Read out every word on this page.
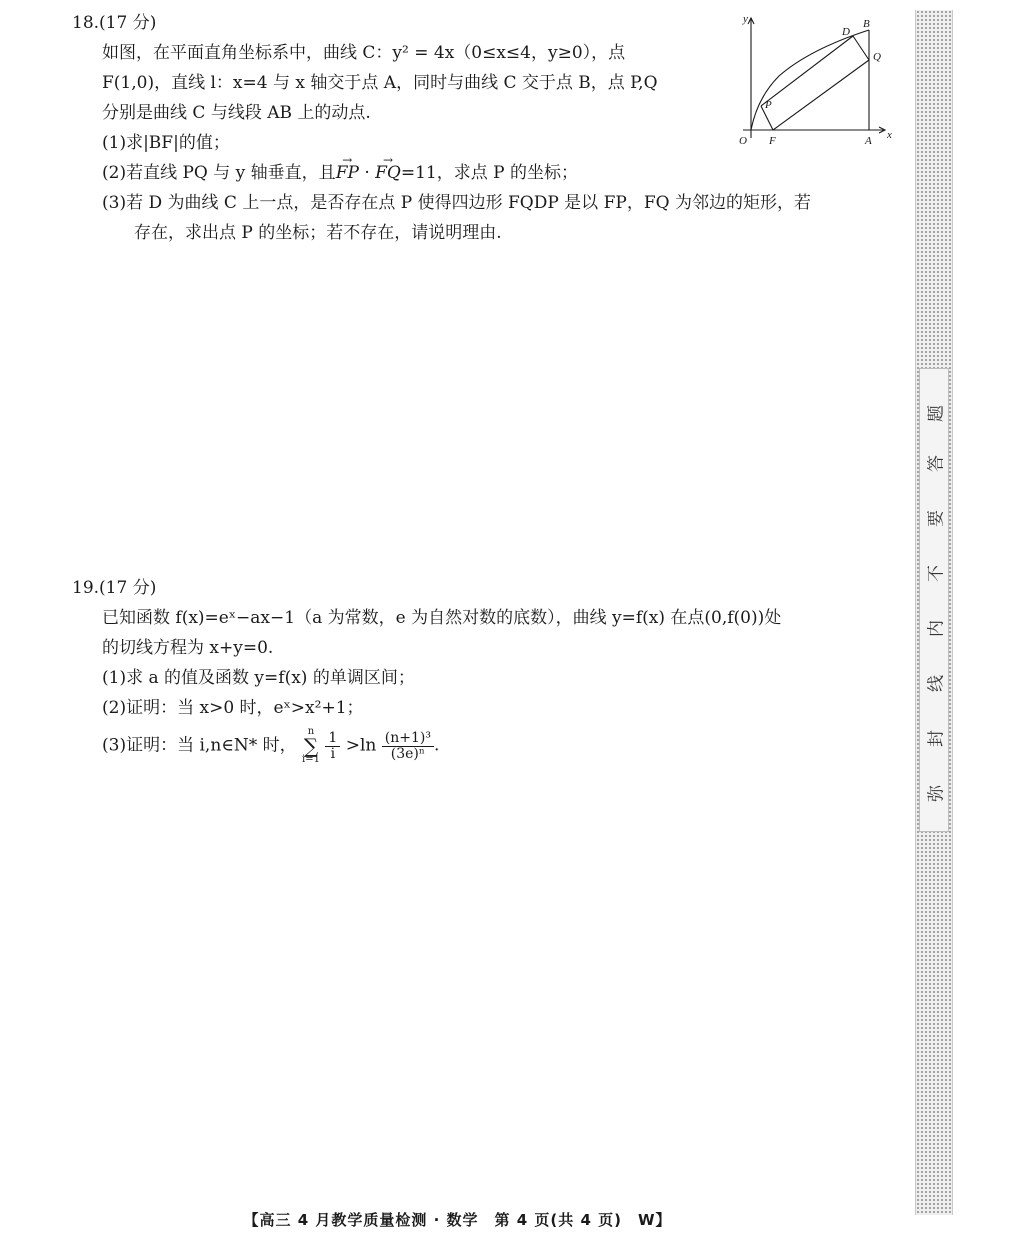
18.(17 分)
如图，在平面直角坐标系中，曲线 C：y² = 4x（0≤x≤4，y≥0），点
F(1,0)，直线 l：x=4 与 x 轴交于点 A，同时与曲线 C 交于点 B，点 P,Q
分别是曲线 C 与线段 AB 上的动点.
(1)求|BF|的值；
(2)若直线 PQ 与 y 轴垂直，且→ FP · → FQ=11，求点 P 的坐标；
(3)若 D 为曲线 C 上一点，是否存在点 P 使得四边形 FQDP 是以 FP，FQ 为邻边的矩形，若
存在，求出点 P 的坐标；若不存在，请说明理由.
y
x
O F	A
B
D
Q
P
19.(17 分)
已知函数 f(x)=eˣ−ax−1（a 为常数，e 为自然对数的底数），曲线 y=f(x) 在点(0,f(0))处
的切线方程为 x+y=0.
(1)求 a 的值及函数 y=f(x) 的单调区间；
(2)证明：当 x>0 时，eˣ>x²+1；
(3)证明：当 i,n∈N* 时， n
∑
$i=1 \frac{1}{i} >\ln \frac{\text{(n+1)³}}{\text{(3e)ⁿ}}$ .
弥
封
线
内
不
要
答
题
【高三 4 月教学质量检测 · 数学　第 4 页(共 4 页)　W】
